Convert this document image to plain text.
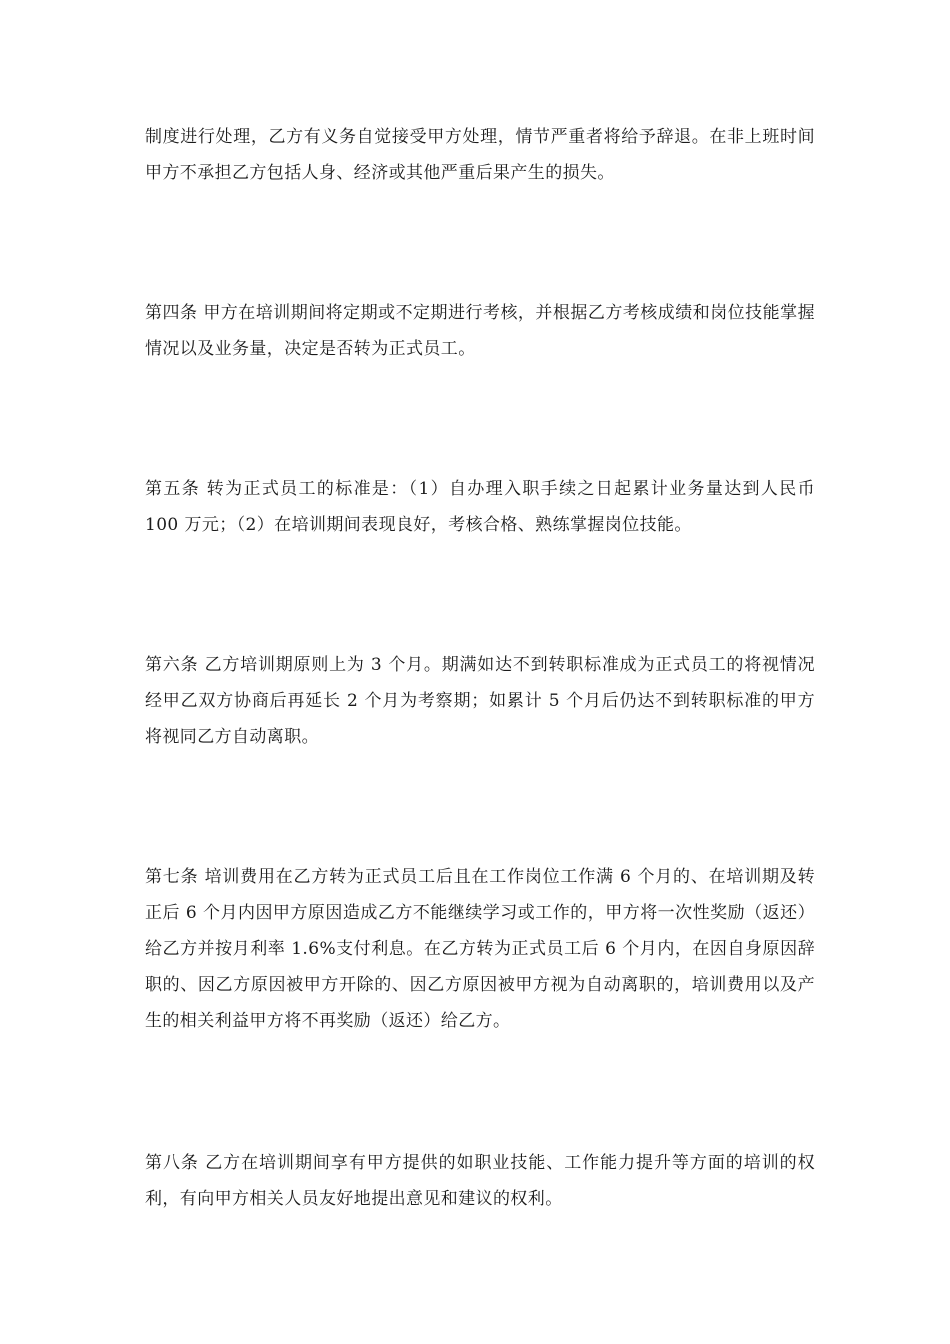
制度进行处理，乙方有义务自觉接受甲方处理，情节严重者将给予辞退。在非上班时间甲方不承担乙方包括人身、经济或其他严重后果产生的损失。

第四条 甲方在培训期间将定期或不定期进行考核，并根据乙方考核成绩和岗位技能掌握情况以及业务量，决定是否转为正式员工。

第五条 转为正式员工的标准是：（1）自办理入职手续之日起累计业务量达到人民币 100 万元；（2）在培训期间表现良好，考核合格、熟练掌握岗位技能。

第六条 乙方培训期原则上为 3 个月。期满如达不到转职标准成为正式员工的将视情况经甲乙双方协商后再延长 2 个月为考察期；如累计 5 个月后仍达不到转职标准的甲方将视同乙方自动离职。

第七条 培训费用在乙方转为正式员工后且在工作岗位工作满 6 个月的、在培训期及转正后 6 个月内因甲方原因造成乙方不能继续学习或工作的，甲方将一次性奖励（返还）给乙方并按月利率 1.6%支付利息。在乙方转为正式员工后 6 个月内，在因自身原因辞职的、因乙方原因被甲方开除的、因乙方原因被甲方视为自动离职的，培训费用以及产生的相关利益甲方将不再奖励（返还）给乙方。

第八条 乙方在培训期间享有甲方提供的如职业技能、工作能力提升等方面的培训的权利，有向甲方相关人员友好地提出意见和建议的权利。
